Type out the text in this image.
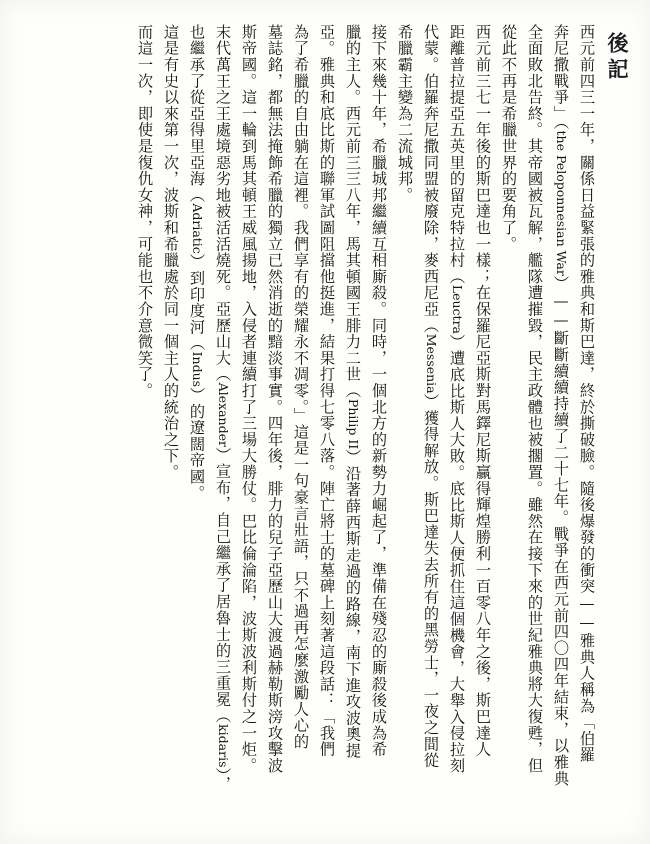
後記
西元前四三一年，關係日益緊張的雅典和斯巴達，終於撕破臉。隨後爆發的衝突——雅典人稱為「伯羅
奔尼撒戰爭」（the Peloponnesian War）——斷斷續續持續了二十七年。戰爭在西元前四〇四年結束，以雅典
全面敗北告終。其帝國被瓦解，艦隊遭摧毀，民主政體也被擱置。雖然在接下來的世紀雅典將大復甦，但
從此不再是希臘世界的要角了。
西元前三七一年後的斯巴達也一樣；在保羅尼亞斯對馬鐸尼斯贏得輝煌勝利一百零八年之後，斯巴達人
距離普拉提亞五英里的留克特拉村（Leuctra）遭底比斯人大敗。底比斯人便抓住這個機會，大舉入侵拉刻
代蒙。伯羅奔尼撒同盟被廢除，麥西尼亞（Messenia）獲得解放。斯巴達失去所有的黑勞士，一夜之間從
希臘霸主變為二流城邦。
接下來幾十年，希臘城邦繼續互相廝殺。同時，一個北方的新勢力崛起了，準備在殘忍的廝殺後成為希
臘的主人。西元前三三八年，馬其頓國王腓力二世（Philip II）沿著薛西斯走過的路線，南下進攻波奧提
亞。雅典和底比斯的聯軍試圖阻擋他挺進，結果打得七零八落。陣亡將士的墓碑上刻著這段話：「我們
為了希臘的自由躺在這裡。我們享有的榮耀永不凋零。」這是一句豪言壯語，只不過再怎麼激勵人心的
墓誌銘，都無法掩飾希臘的獨立已然消逝的黯淡事實。四年後，腓力的兒子亞歷山大渡過赫勒斯滂攻擊波
斯帝國。這一輪到馬其頓王威風揚地，入侵者連續打了三場大勝仗。巴比倫淪陷，波斯波利斯付之一炬。
末代萬王之王處境惡劣地被活活燒死。亞歷山大（Alexander）宣布，自己繼承了居魯士的三重冕（kidaris），
也繼承了從亞得里亞海（Adriatic）到印度河（Indus）的遼闊帝國。
這是有史以來第一次，波斯和希臘處於同一個主人的統治之下。
而這一次，即使是復仇女神，可能也不介意微笑了。
